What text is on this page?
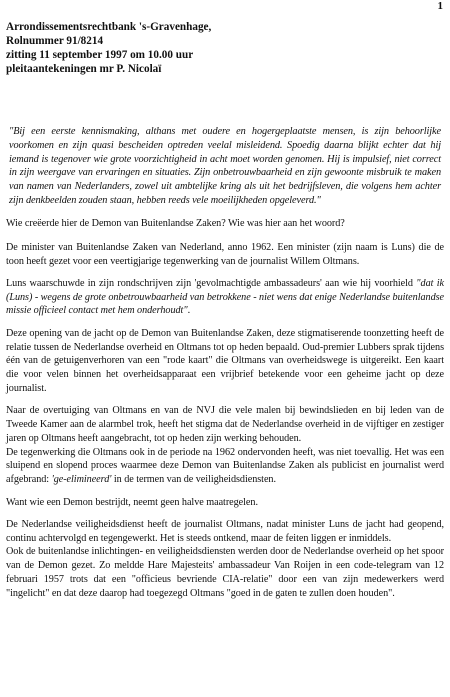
1
Arrondissementsrechtbank 's-Gravenhage,
Rolnummer 91/8214
zitting 11 september 1997 om 10.00 uur
pleitaantekeningen mr P. Nicolaï
"Bij een eerste kennismaking, althans met oudere en hogergeplaatste mensen, is zijn behoorlijke voorkomen en zijn quasi bescheiden optreden veelal misleidend. Spoedig daarna blijkt echter dat hij iemand is tegenover wie grote voorzichtigheid in acht moet worden genomen. Hij is impulsief, niet correct in zijn weergave van ervaringen en situaties. Zijn onbetrouwbaarheid en zijn gewoonte misbruik te maken van namen van Nederlanders, zowel uit ambtelijke kring als uit het bedrijfsleven, die volgens hem achter zijn denkbeelden zouden staan, hebben reeds vele moeilijkheden opgeleverd."

Wie creëerde hier de Demon van Buitenlandse Zaken? Wie was hier aan het woord?

De minister van Buitenlandse Zaken van Nederland, anno 1962. Een minister (zijn naam is Luns) die de toon heeft gezet voor een veertigjarige tegenwerking van de journalist Willem Oltmans.

Luns waarschuwde in zijn rondschrijven zijn 'gevolmachtigde ambassadeurs' aan wie hij voorhield "dat ik (Luns) - wegens de grote onbetrouwbaarheid van betrokkene - niet wens dat enige Nederlandse buitenlandse missie officieel contact met hem onderhoudt".

Deze opening van de jacht op de Demon van Buitenlandse Zaken, deze stigmatiserende toonzetting heeft de relatie tussen de Nederlandse overheid en Oltmans tot op heden bepaald. Oud-premier Lubbers sprak tijdens één van de getuigenverhoren van een "rode kaart" die Oltmans van overheidswege is uitgereikt. Een kaart die voor velen binnen het overheidsapparaat een vrijbrief betekende voor een geheime jacht op deze journalist.

Naar de overtuiging van Oltmans en van de NVJ die vele malen bij bewindslieden en bij leden van de Tweede Kamer aan de alarmbel trok, heeft het stigma dat de Nederlandse overheid in de vijftiger en zestiger jaren op Oltmans heeft aangebracht, tot op heden zijn werking behouden.

De tegenwerking die Oltmans ook in de periode na 1962 ondervonden heeft, was niet toevallig. Het was een sluipend en slopend proces waarmee deze Demon van Buitenlandse Zaken als publicist en journalist werd afgebrand: 'ge-elimineerd' in de termen van de veiligheidsdiensten.

Want wie een Demon bestrijdt, neemt geen halve maatregelen.

De Nederlandse veiligheidsdienst heeft de journalist Oltmans, nadat minister Luns de jacht had geopend, continu achtervolgd en tegengewerkt. Het is steeds ontkend, maar de feiten liggen er inmiddels.

Ook de buitenlandse inlichtingen- en veiligheidsdiensten werden door de Nederlandse overheid op het spoor van de Demon gezet. Zo meldde Hare Majesteits' ambassadeur Van Roijen in een code-telegram van 12 februari 1957 trots dat een "officieus bevriende CIA-relatie" door een van zijn medewerkers werd "ingelicht" en dat deze daarop had toegezegd Oltmans "goed in de gaten te zullen doen houden".
